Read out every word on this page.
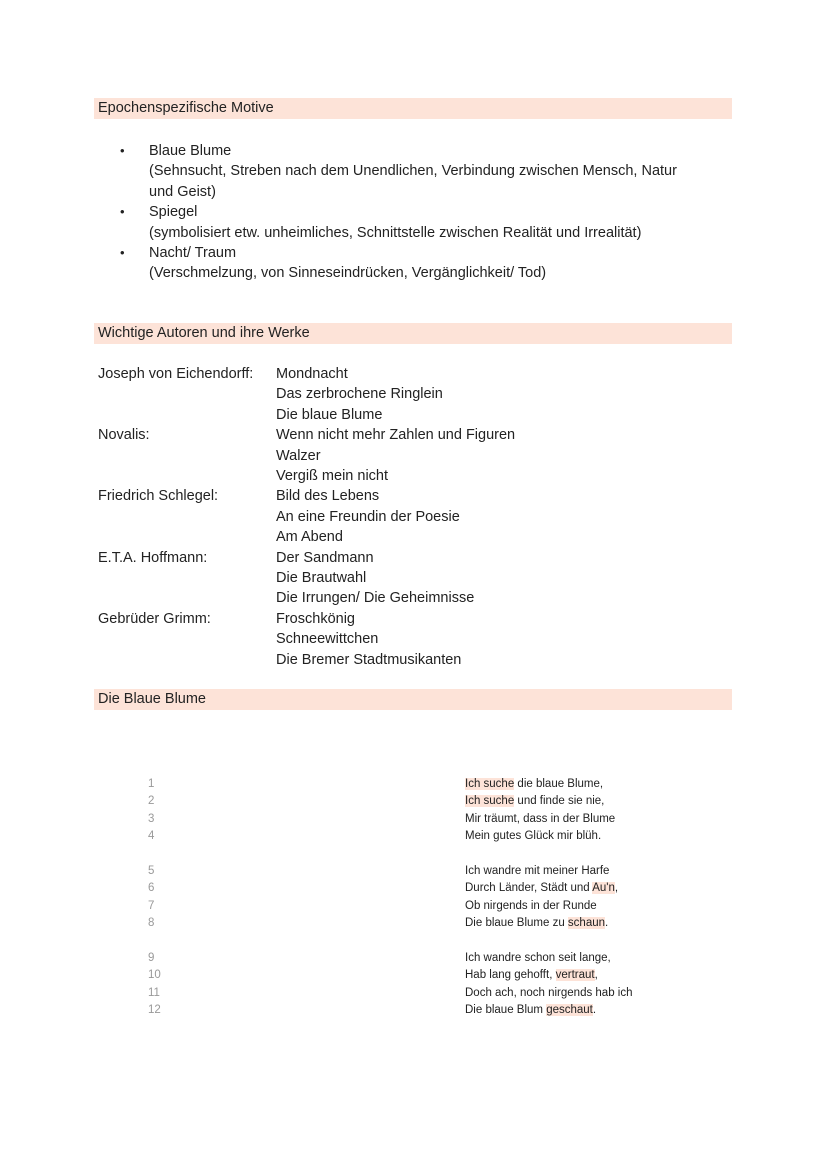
Epochenspezifische Motive
• Blaue Blume
(Sehnsucht, Streben nach dem Unendlichen, Verbindung zwischen Mensch, Natur
und Geist)
• Spiegel
(symbolisiert etw. unheimliches, Schnittstelle zwischen Realität und Irrealität)
• Nacht/ Traum
(Verschmelzung, von Sinneseindrücken, Vergänglichkeit/ Tod)
Wichtige Autoren und ihre Werke
Joseph von Eichendorff:	Mondnacht
Das zerbrochene Ringlein
Die blaue Blume
Novalis:	Wenn nicht mehr Zahlen und Figuren
Walzer
Vergiß mein nicht
Friedrich Schlegel:	Bild des Lebens
An eine Freundin der Poesie
Am Abend
E.T.A. Hoffmann:	Der Sandmann
Die Brautwahl
Die Irrungen/ Die Geheimnisse
Gebrüder Grimm:	Froschkönig
Schneewittchen
Die Bremer Stadtmusikanten
Die Blaue Blume
1	Ich suche die blaue Blume,
2	Ich suche und finde sie nie,
3	Mir träumt, dass in der Blume
4	Mein gutes Glück mir blüh.
5	Ich wandre mit meiner Harfe
6	Durch Länder, Städt und Au'n,
7	Ob nirgends in der Runde
8	Die blaue Blume zu schaun.
9	Ich wandre schon seit lange,
10	Hab lang gehofft, vertraut,
11	Doch ach, noch nirgends hab ich
12	Die blaue Blum geschaut.
